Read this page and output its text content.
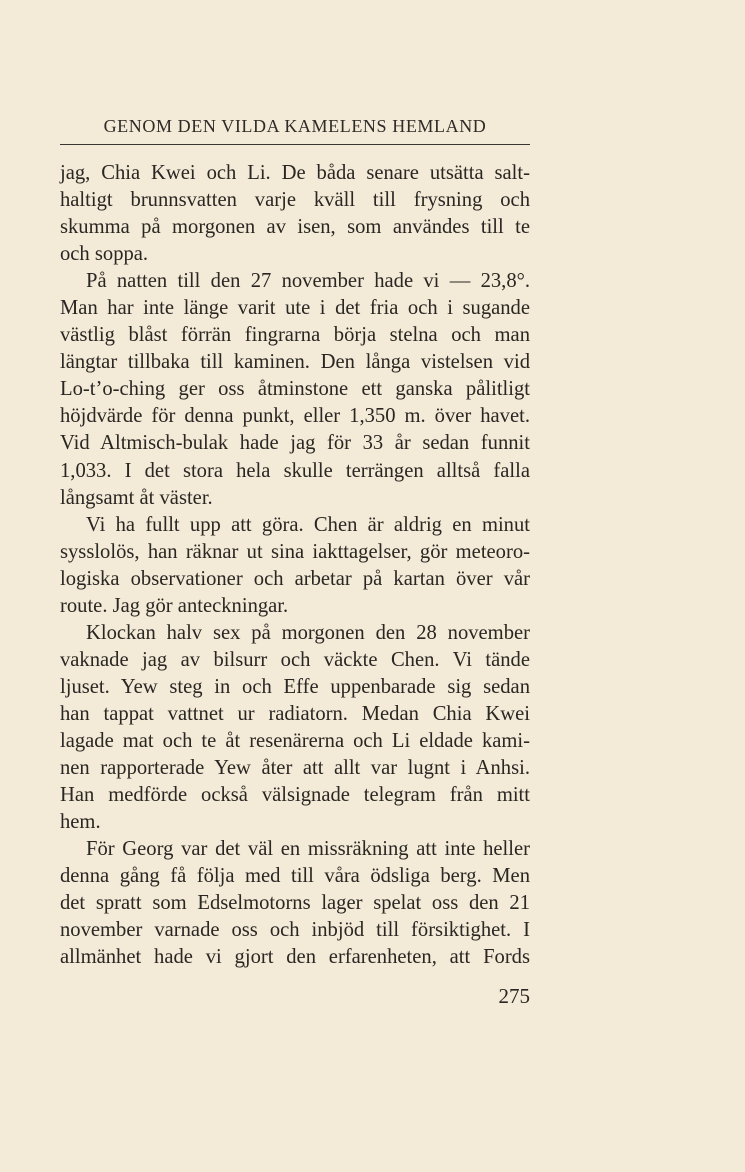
GENOM DEN VILDA KAMELENS HEMLAND
jag, Chia Kwei och Li. De båda senare utsätta salt-
haltigt brunnsvatten varje kväll till frysning och
skumma på morgonen av isen, som användes till te
och soppa.
På natten till den 27 november hade vi — 23,8°.
Man har inte länge varit ute i det fria och i sugande
västlig blåst förrän fingrarna börja stelna och man
längtar tillbaka till kaminen. Den långa vistelsen vid
Lo-t’o-ching ger oss åtminstone ett ganska pålitligt
höjdvärde för denna punkt, eller 1,350 m. över havet.
Vid Altmisch-bulak hade jag för 33 år sedan funnit
1,033. I det stora hela skulle terrängen alltså falla
långsamt åt väster.
Vi ha fullt upp att göra. Chen är aldrig en minut
sysslolös, han räknar ut sina iakttagelser, gör meteoro-
logiska observationer och arbetar på kartan över vår
route. Jag gör anteckningar.
Klockan halv sex på morgonen den 28 november
vaknade jag av bilsurr och väckte Chen. Vi tände
ljuset. Yew steg in och Effe uppenbarade sig sedan
han tappat vattnet ur radiatorn. Medan Chia Kwei
lagade mat och te åt resenärerna och Li eldade kami-
nen rapporterade Yew åter att allt var lugnt i Anhsi.
Han medförde också välsignade telegram från mitt
hem.
För Georg var det väl en missräkning att inte heller
denna gång få följa med till våra ödsliga berg. Men
det spratt som Edselmotorns lager spelat oss den 21
november varnade oss och inbjöd till försiktighet. I
allmänhet hade vi gjort den erfarenheten, att Fords
275
